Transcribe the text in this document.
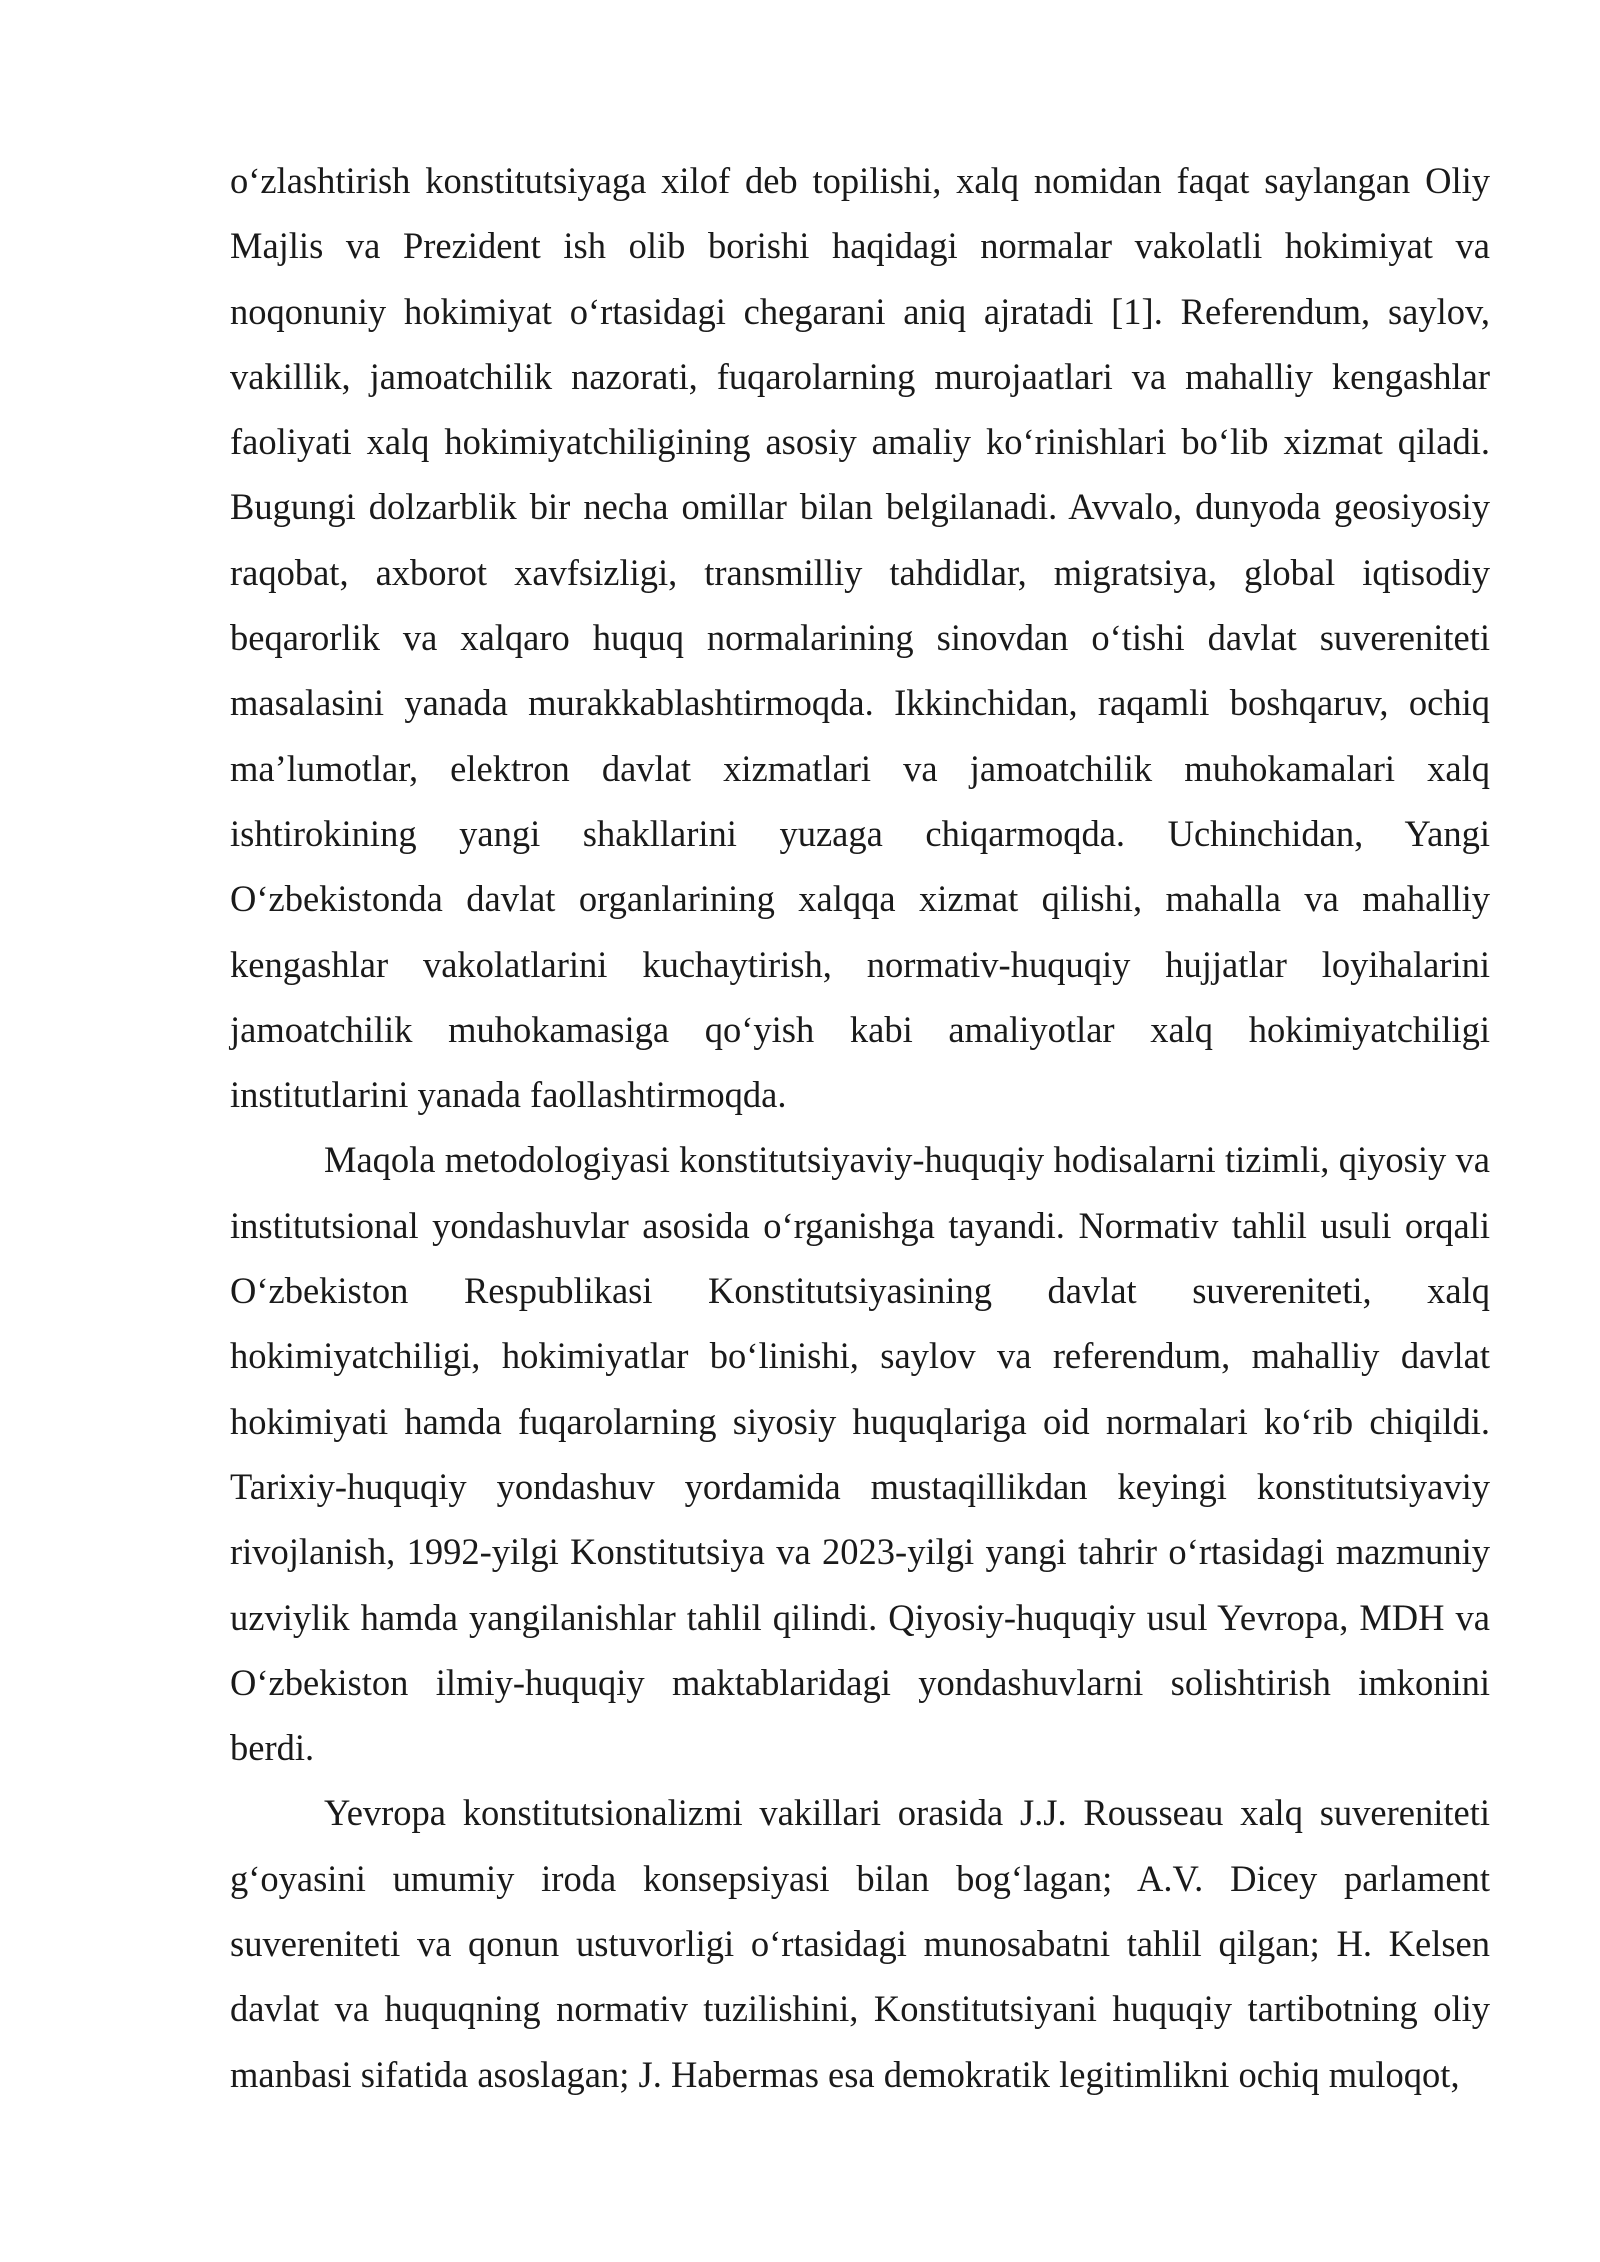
o‘zlashtirish konstitutsiyaga xilof deb topilishi, xalq nomidan faqat saylangan Oliy Majlis va Prezident ish olib borishi haqidagi normalar vakolatli hokimiyat va noqonuniy hokimiyat o‘rtasidagi chegarani aniq ajratadi [1]. Referendum, saylov, vakillik, jamoatchilik nazorati, fuqarolarning murojaatlari va mahalliy kengashlar faoliyati xalq hokimiyatchiligining asosiy amaliy ko‘rinishlari bo‘lib xizmat qiladi. Bugungi dolzarblik bir necha omillar bilan belgilanadi. Avvalo, dunyoda geosiyosiy raqobat, axborot xavfsizligi, transmilliy tahdidlar, migratsiya, global iqtisodiy beqarorlik va xalqaro huquq normalarining sinovdan o‘tishi davlat suvereniteti masalasini yanada murakkablashtirmoqda. Ikkinchidan, raqamli boshqaruv, ochiq ma’lumotlar, elektron davlat xizmatlari va jamoatchilik muhokamalari xalq ishtirokining yangi shakllarini yuzaga chiqarmoqda. Uchinchidan, Yangi O‘zbekistonda davlat organlarining xalqqa xizmat qilishi, mahalla va mahalliy kengashlar vakolatlarini kuchaytirish, normativ-huquqiy hujjatlar loyihalarini jamoatchilik muhokamasiga qo‘yish kabi amaliyotlar xalq hokimiyatchiligi institutlarini yanada faollashtirmoqda.

Maqola metodologiyasi konstitutsiyaviy-huquqiy hodisalarni tizimli, qiyosiy va institutsional yondashuvlar asosida o‘rganishga tayandi. Normativ tahlil usuli orqali O‘zbekiston Respublikasi Konstitutsiyasining davlat suvereniteti, xalq hokimiyatchiligi, hokimiyatlar bo‘linishi, saylov va referendum, mahalliy davlat hokimiyati hamda fuqarolarning siyosiy huquqlariga oid normalari ko‘rib chiqildi. Tarixiy-huquqiy yondashuv yordamida mustaqillikdan keyingi konstitutsiyaviy rivojlanish, 1992-yilgi Konstitutsiya va 2023-yilgi yangi tahrir o‘rtasidagi mazmuniy uzviylik hamda yangilanishlar tahlil qilindi. Qiyosiy-huquqiy usul Yevropa, MDH va O‘zbekiston ilmiy-huquqiy maktablaridagi yondashuvlarni solishtirish imkonini berdi.

Yevropa konstitutsionalizmi vakillari orasida J.J. Rousseau xalq suvereniteti g‘oyasini umumiy iroda konsepsiyasi bilan bog‘lagan; A.V. Dicey parlament suvereniteti va qonun ustuvorligi o‘rtasidagi munosabatni tahlil qilgan; H. Kelsen davlat va huquqning normativ tuzilishini, Konstitutsiyani huquqiy tartibotning oliy manbasi sifatida asoslagan; J. Habermas esa demokratik legitimlikni ochiq muloqot,
